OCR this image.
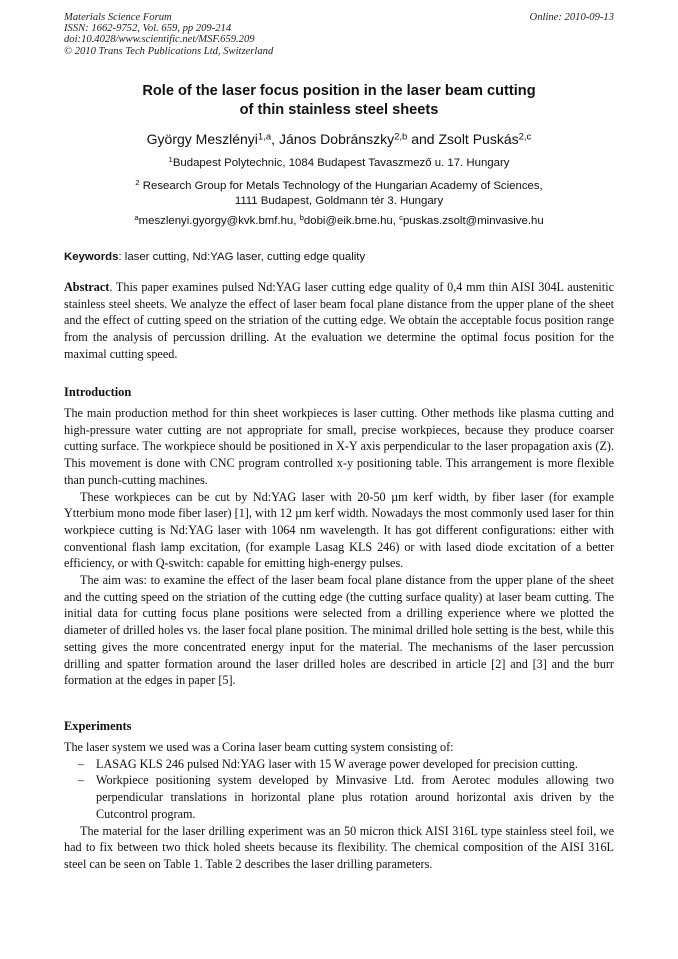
Materials Science Forum
ISSN: 1662-9752, Vol. 659, pp 209-214
doi:10.4028/www.scientific.net/MSF.659.209
© 2010 Trans Tech Publications Ltd, Switzerland
Online: 2010-09-13
Role of the laser focus position in the laser beam cutting
of thin stainless steel sheets
György Meszlényi$^{1,a}$, János Dobránszky$^{2,b}$ and Zsolt Puskás$^{2,c}$
$^1$Budapest Polytechnic, 1084 Budapest Tavaszmező u. 17. Hungary
$^2$ Research Group for Metals Technology of the Hungarian Academy of Sciences,
1111 Budapest, Goldmann tér 3. Hungary
$^a$meszlenyi.gyorgy@kvk.bmf.hu, $^b$dobi@eik.bme.hu, $^c$puskas.zsolt@minvasive.hu
Keywords: laser cutting, Nd:YAG laser, cutting edge quality

Abstract. This paper examines pulsed Nd:YAG laser cutting edge quality of 0,4 mm thin AISI 304L austenitic stainless steel sheets. We analyze the effect of laser beam focal plane distance from the upper plane of the sheet and the effect of cutting speed on the striation of the cutting edge. We obtain the acceptable focus position range from the analysis of percussion drilling. At the evaluation we determine the optimal focus position for the maximal cutting speed.

Introduction

The main production method for thin sheet workpieces is laser cutting. Other methods like plasma cutting and high-pressure water cutting are not appropriate for small, precise workpieces, because they produce coarser cutting surface. The workpiece should be positioned in X-Y axis perpendicular to the laser propagation axis (Z). This movement is done with CNC program controlled x-y positioning table. This arrangement is more flexible than punch-cutting machines.

These workpieces can be cut by Nd:YAG laser with 20-50 µm kerf width, by fiber laser (for example Ytterbium mono mode fiber laser) [1], with 12 µm kerf width. Nowadays the most commonly used laser for thin workpiece cutting is Nd:YAG laser with 1064 nm wavelength. It has got different configurations: either with conventional flash lamp excitation, (for example Lasag KLS 246) or with lased diode excitation of a better efficiency, or with Q-switch: capable for emitting high-energy pulses.

The aim was: to examine the effect of the laser beam focal plane distance from the upper plane of the sheet and the cutting speed on the striation of the cutting edge (the cutting surface quality) at laser beam cutting. The initial data for cutting focus plane positions were selected from a drilling experience where we plotted the diameter of drilled holes vs. the laser focal plane position. The minimal drilled hole setting is the best, while this setting gives the more concentrated energy input for the material. The mechanisms of the laser percussion drilling and spatter formation around the laser drilled holes are described in article [2] and [3] and the burr formation at the edges in paper [5].

Experiments

The laser system we used was a Corina laser beam cutting system consisting of:

– LASAG KLS 246 pulsed Nd:YAG laser with 15 W average power developed for precision cutting.
– Workpiece positioning system developed by Minvasive Ltd. from Aerotec modules allowing two perpendicular translations in horizontal plane plus rotation around horizontal axis driven by the Cutcontrol program.

The material for the laser drilling experiment was an 50 micron thick AISI 316L type stainless steel foil, we had to fix between two thick holed sheets because its flexibility. The chemical composition of the AISI 316L steel can be seen on Table 1. Table 2 describes the laser drilling parameters.
